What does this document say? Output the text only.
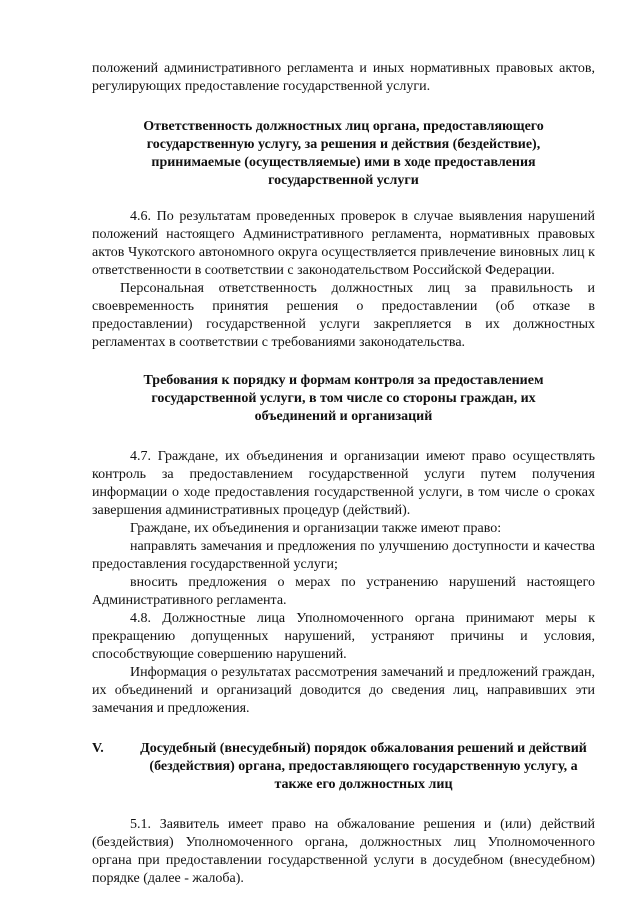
положений административного регламента и иных нормативных правовых актов, регулирующих предоставление государственной услуги.

Ответственность должностных лиц органа, предоставляющего государственную услугу, за решения и действия (бездействие), принимаемые (осуществляемые) ими в ходе предоставления государственной услуги

4.6. По результатам проведенных проверок в случае выявления нарушений положений настоящего Административного регламента, нормативных правовых актов Чукотского автономного округа осуществляется привлечение виновных лиц к ответственности в соответствии с законодательством Российской Федерации.

Персональная ответственность должностных лиц за правильность и своевременность принятия решения о предоставлении (об отказе в предоставлении) государственной услуги закрепляется в их должностных регламентах в соответствии с требованиями законодательства.

Требования к порядку и формам контроля за предоставлением государственной услуги, в том числе со стороны граждан, их объединений и организаций

4.7. Граждане, их объединения и организации имеют право осуществлять контроль за предоставлением государственной услуги путем получения информации о ходе предоставления государственной услуги, в том числе о сроках завершения административных процедур (действий).

Граждане, их объединения и организации также имеют право:

направлять замечания и предложения по улучшению доступности и качества предоставления государственной услуги;

вносить предложения о мерах по устранению нарушений настоящего Административного регламента.

4.8. Должностные лица Уполномоченного органа принимают меры к прекращению допущенных нарушений, устраняют причины и условия, способствующие совершению нарушений.

Информация о результатах рассмотрения замечаний и предложений граждан, их объединений и организаций доводится до сведения лиц, направивших эти замечания и предложения.

V.	Досудебный (внесудебный) порядок обжалования решений и действий (бездействия) органа, предоставляющего государственную услугу, а также его должностных лиц

5.1. Заявитель имеет право на обжалование решения и (или) действий (бездействия) Уполномоченного органа, должностных лиц Уполномоченного органа при предоставлении государственной услуги в досудебном (внесудебном) порядке (далее - жалоба).
